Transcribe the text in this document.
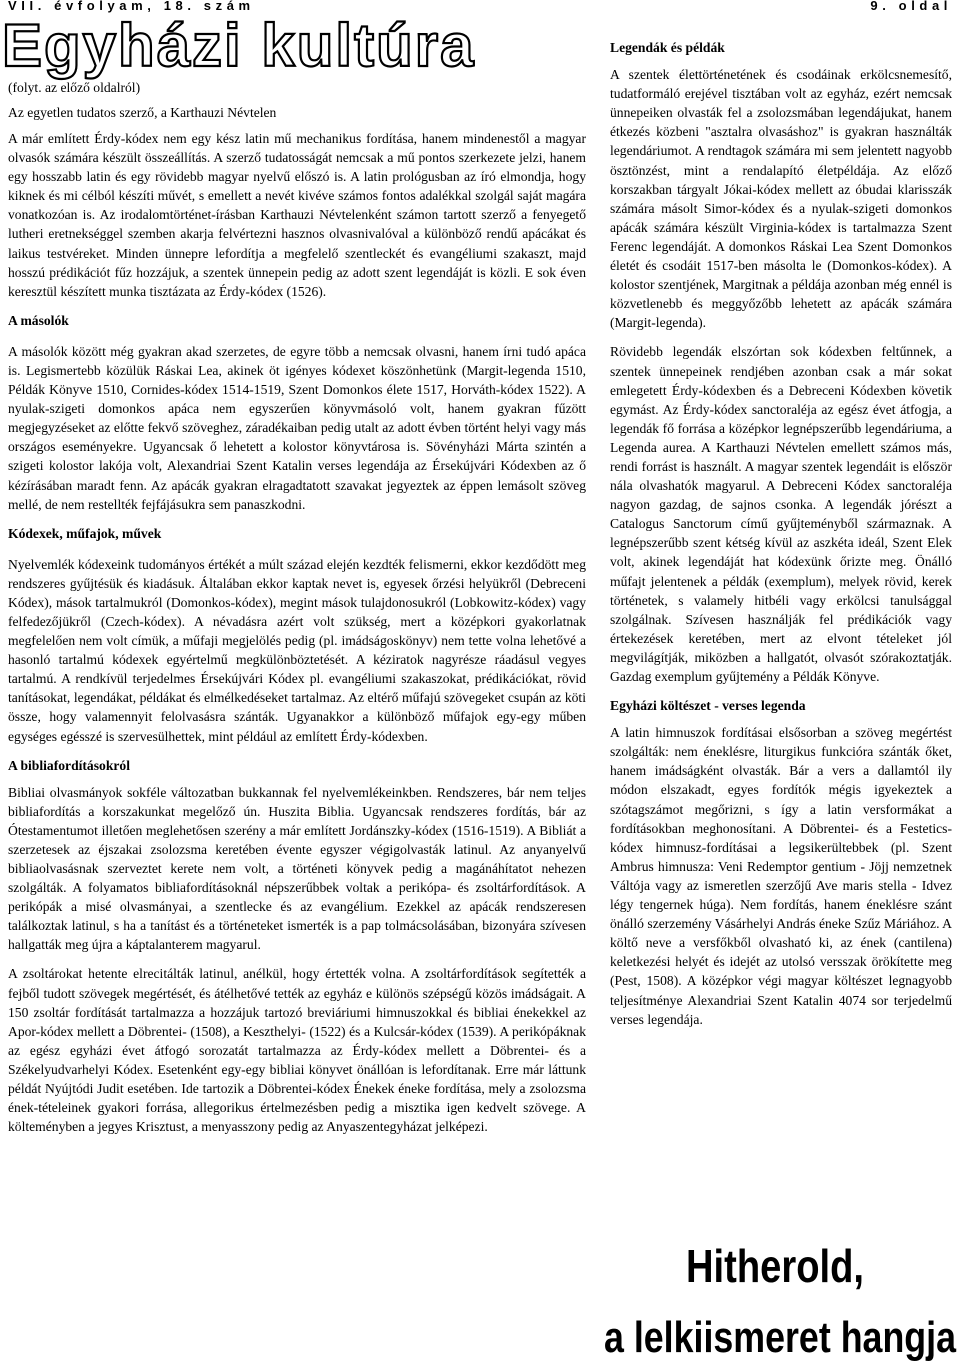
VII. évfolyam, 18. szám	9. oldal
Egyházi kultúra

(folyt. az előző oldalról)

Az egyetlen tudatos szerző, a Karthauzi Névtelen

A már említett Érdy-kódex nem egy kész latin mű mechanikus fordítása, hanem mindenestől a magyar olvasók számára készült összeállítás. A szerző tudatosságát nemcsak a mű pontos szerkezete jelzi, hanem egy hosszabb latin és egy rövidebb magyar nyelvű előszó is. A latin prológusban az író elmondja, hogy kiknek és mi célból készíti művét, s emellett a nevét kivéve számos fontos adalékkal szolgál saját magára vonatkozóan is. Az irodalomtörténet-írásban Karthauzi Névtelenként számon tartott szerző a fenyegető lutheri eretnekséggel szemben akarja felvértezni hasznos olvasnivalóval a különböző rendű apácákat és laikus testvéreket. Minden ünnepre lefordítja a megfelelő szentleckét és evangéliumi szakaszt, majd hosszú prédikációt fűz hozzájuk, a szentek ünnepein pedig az adott szent legendáját is közli. E sok éven keresztül készített munka tisztázata az Érdy-kódex (1526).

A másolók

A másolók között még gyakran akad szerzetes, de egyre több a nemcsak olvasni, hanem írni tudó apáca is. Legismertebb közülük Ráskai Lea, akinek öt igényes kódexet köszönhetünk (Margit-legenda 1510, Példák Könyve 1510, Cornides-kódex 1514-1519, Szent Domonkos élete 1517, Horváth-kódex 1522). A nyulak-szigeti domonkos apáca nem egyszerűen könyvmásoló volt, hanem gyakran fűzött megjegyzéseket az előtte fekvő szöveghez, záradékaiban pedig utalt az adott évben történt helyi vagy más országos eseményekre. Ugyancsak ő lehetett a kolostor könyvtárosa is. Sövényházi Márta szintén a szigeti kolostor lakója volt, Alexandriai Szent Katalin verses legendája az Érsekújvári Kódexben az ő kézírásában maradt fenn. Az apácák gyakran elragadtatott szavakat jegyeztek az éppen lemásolt szöveg mellé, de nem restellték fejfájásukra sem panaszkodni.

Kódexek, műfajok, művek

Nyelvemlék kódexeink tudományos értékét a múlt század elején kezdték felismerni, ekkor kezdődött meg rendszeres gyűjtésük és kiadásuk. Általában ekkor kaptak nevet is, egyesek őrzési helyükről (Debreceni Kódex), mások tartalmukról (Domonkos-kódex), megint mások tulajdonosukról (Lobkowitz-kódex) vagy felfedezőjükről (Czech-kódex). A névadásra azért volt szükség, mert a középkori gyakorlatnak megfelelően nem volt címük, a műfaji megjelölés pedig (pl. imádságoskönyv) nem tette volna lehetővé a hasonló tartalmú kódexek egyértelmű megkülönböztetését. A kéziratok nagyrésze ráadásul vegyes tartalmú. A rendkívül terjedelmes Érsekújvári Kódex pl. evangéliumi szakaszokat, prédikációkat, rövid tanításokat, legendákat, példákat és elmélkedéseket tartalmaz. Az eltérő műfajú szövegeket csupán az köti össze, hogy valamennyit felolvasásra szánták. Ugyanakkor a különböző műfajok egy-egy műben egységes egésszé is szervesülhettek, mint például az említett Érdy-kódexben.

A bibliafordításokról

Bibliai olvasmányok sokféle változatban bukkannak fel nyelvemlékeinkben. Rendszeres, bár nem teljes bibliafordítás a korszakunkat megelőző ún. Huszita Biblia. Ugyancsak rendszeres fordítás, bár az Ótestamentumot illetően meglehetősen szerény a már említett Jordánszky-kódex (1516-1519). A Bibliát a szerzetesek az éjszakai zsolozsma keretében évente egyszer végigolvasták latinul. Az anyanyelvű bibliaolvasásnak szerveztet kerete nem volt, a történeti könyvek pedig a magánáhítatot nehezen szolgálták. A folyamatos bibliafordításoknál népszerűbbek voltak a perikópa- és zsoltárfordítások. A perikópák a misé olvasmányai, a szentlecke és az evangélium. Ezekkel az apácák rendszeresen találkoztak latinul, s ha a tanítást és a történeteket ismerték is a pap tolmácsolásában, bizonyára szívesen hallgatták meg újra a káptalanterem magyarul.

A zsoltárokat hetente elrecitálták latinul, anélkül, hogy értették volna. A zsoltárfordítások segítették a fejből tudott szövegek megértését, és átélhetővé tették az egyház e különös szépségű közös imádságait. A 150 zsoltár fordítását tartalmazza a hozzájuk tartozó breviáriumi himnuszokkal és bibliai énekekkel az Apor-kódex mellett a Döbrentei- (1508), a Keszthelyi- (1522) és a Kulcsár-kódex (1539). A perikópáknak az egész egyházi évet átfogó sorozatát tartalmazza az Érdy-kódex mellett a Döbrentei- és a Székelyudvarhelyi Kódex. Esetenként egy-egy bibliai könyvet önállóan is lefordítanak. Erre már láttunk példát Nyújtódi Judit esetében. Ide tartozik a Döbrentei-kódex Énekek éneke fordítása, mely a zsolozsma ének-tételeinek gyakori forrása, allegorikus értelmezésben pedig a misztika igen kedvelt szövege. A költeményben a jegyes Krisztust, a menyasszony pedig az Anyaszentegyházat jelképezi.

Legendák és példák

A szentek élettörténetének és csodáinak erkölcsnemesítő, tudatformáló erejével tisztában volt az egyház, ezért nemcsak ünnepeiken olvasták fel a zsolozsmában legendájukat, hanem étkezés közbeni "asztalra olvasáshoz" is gyakran használták legendáriumot. A rendtagok számára mi sem jelentett nagyobb ösztönzést, mint a rendalapító életpéldája. Az előző korszakban tárgyalt Jókai-kódex mellett az óbudai klarisszák számára másolt Simor-kódex és a nyulak-szigeti domonkos apácák számára készült Virginia-kódex is tartalmazza Szent Ferenc legendáját. A domonkos Ráskai Lea Szent Domonkos életét és csodáit 1517-ben másolta le (Domonkos-kódex). A kolostor szentjének, Margitnak a példája azonban még ennél is közvetlenebb és meggyőzőbb lehetett az apácák számára (Margit-legenda).

Rövidebb legendák elszórtan sok kódexben feltűnnek, a szentek ünnepeinek rendjében azonban csak a már sokat emlegetett Érdy-kódexben és a Debreceni Kódexben követik egymást. Az Érdy-kódex sanctoraléja az egész évet átfogja, a legendák fő forrása a középkor legnépszerűbb legendáriuma, a Legenda aurea. A Karthauzi Névtelen emellett számos más, rendi forrást is használt. A magyar szentek legendáit is először nála olvashatók magyarul. A Debreceni Kódex sanctoraléja nagyon gazdag, de sajnos csonka. A legendák jórészt a Catalogus Sanctorum című gyűjteményből származnak. A legnépszerűbb szent kétség kívül az aszkéta ideál, Szent Elek volt, akinek legendáját hat kódexünk őrizte meg. Önálló műfajt jelentenek a példák (exemplum), melyek rövid, kerek történetek, s valamely hitbéli vagy erkölcsi tanulsággal szolgálnak. Szívesen használják fel prédikációk vagy értekezések keretében, mert az elvont tételeket jól megvilágítják, miközben a hallgatót, olvasót szórakoztatják. Gazdag exemplum gyűjtemény a Példák Könyve.

Egyházi költészet - verses legenda

A latin himnuszok fordításai elsősorban a szöveg megértést szolgálták: nem éneklésre, liturgikus funkcióra szánták őket, hanem imádságként olvasták. Bár a vers a dallamtól ily módon elszakadt, egyes fordítók mégis igyekeztek a szótagszámot megőrizni, s így a latin versformákat a fordításokban meghonosítani. A Döbrentei- és a Festetics-kódex himnusz-fordításai a legsikerültebbek (pl. Szent Ambrus himnusza: Veni Redemptor gentium - Jöjj nemzetnek Váltója vagy az ismeretlen szerzőjű Ave maris stella - Idvez légy tengernek húga). Nem fordítás, hanem éneklésre szánt önálló szerzemény Vásárhelyi András éneke Szűz Máriához. A költő neve a versfőkből olvasható ki, az ének (cantilena) keletkezési helyét és idejét az utolsó versszak örökítette meg (Pest, 1508). A középkor végi magyar költészet legnagyobb teljesítménye Alexandriai Szent Katalin 4074 sor terjedelmű verses legendája.

Hitherold,
a lelkiismeret hangja
